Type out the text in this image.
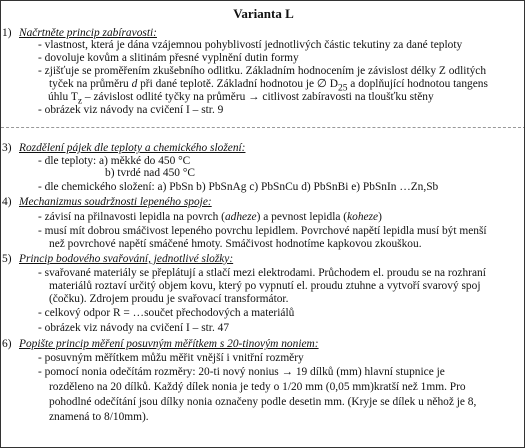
Varianta L
1) Načrtněte princip zabíravosti:
- vlastnost, která je dána vzájemnou pohyblivostí jednotlivých částic tekutiny za dané teploty
- dovoluje kovům a slitinám přesné vyplnění dutin formy
- zjišťuje se proměřením zkušebního odlitku. Základním hodnocením je závislost délky Z odlitých
tyček na průměru d při dané teplotě. Základní hodnotou je ∅ $D_{25}$ a doplňující hodnotou tangens
úhlu $T_z$ – závislost odlité tyčky na průměru → citlivost zabíravosti na tloušťku stěny
- obrázek viz návody na cvičení I – str. 9
3) Rozdělení pájek dle teploty a chemického složení:
- dle teploty: a) měkké do 450 °C
b) tvrdé nad 450 °C
- dle chemického složení: a) PbSn b) PbSnAg c) PbSnCu d) PbSnBi e) PbSnIn …Zn,Sb
4) Mechanizmus soudržnosti lepeného spoje:
- závisí na přilnavosti lepidla na povrch (adheze) a pevnost lepidla (koheze)
- musí mít dobrou smáčivost lepeného povrchu lepidlem. Povrchové napětí lepidla musí být menší
než povrchové napětí smáčené hmoty. Smáčivost hodnotíme kapkovou zkouškou.
5) Princip bodového svařování, jednotlivé složky:
- svařované materiály se přeplátují a stlačí mezi elektrodami. Průchodem el. proudu se na rozhraní
materiálů roztaví určitý objem kovu, který po vypnutí el. proudu ztuhne a vytvoří svarový spoj
(čočku). Zdrojem proudu je svařovací transformátor.
- celkový odpor R = …součet přechodových a materiálů
- obrázek viz návody na cvičení I – str. 47
6) Popište princip měření posuvným měřítkem s 20-tinovým noniem:
- posuvným měřítkem můžu měřit vnější i vnitřní rozměry
- pomocí nonia odečítám rozměry: 20-ti nový nonius → 19 dílků (mm) hlavní stupnice je
rozděleno na 20 dílků. Každý dílek nonia je tedy o 1/20 mm (0,05 mm)kratší než 1mm. Pro
pohodlné odečítání jsou dílky nonia označeny podle desetin mm. (Kryje se dílek u něhož je 8,
znamená to 8/10mm).
